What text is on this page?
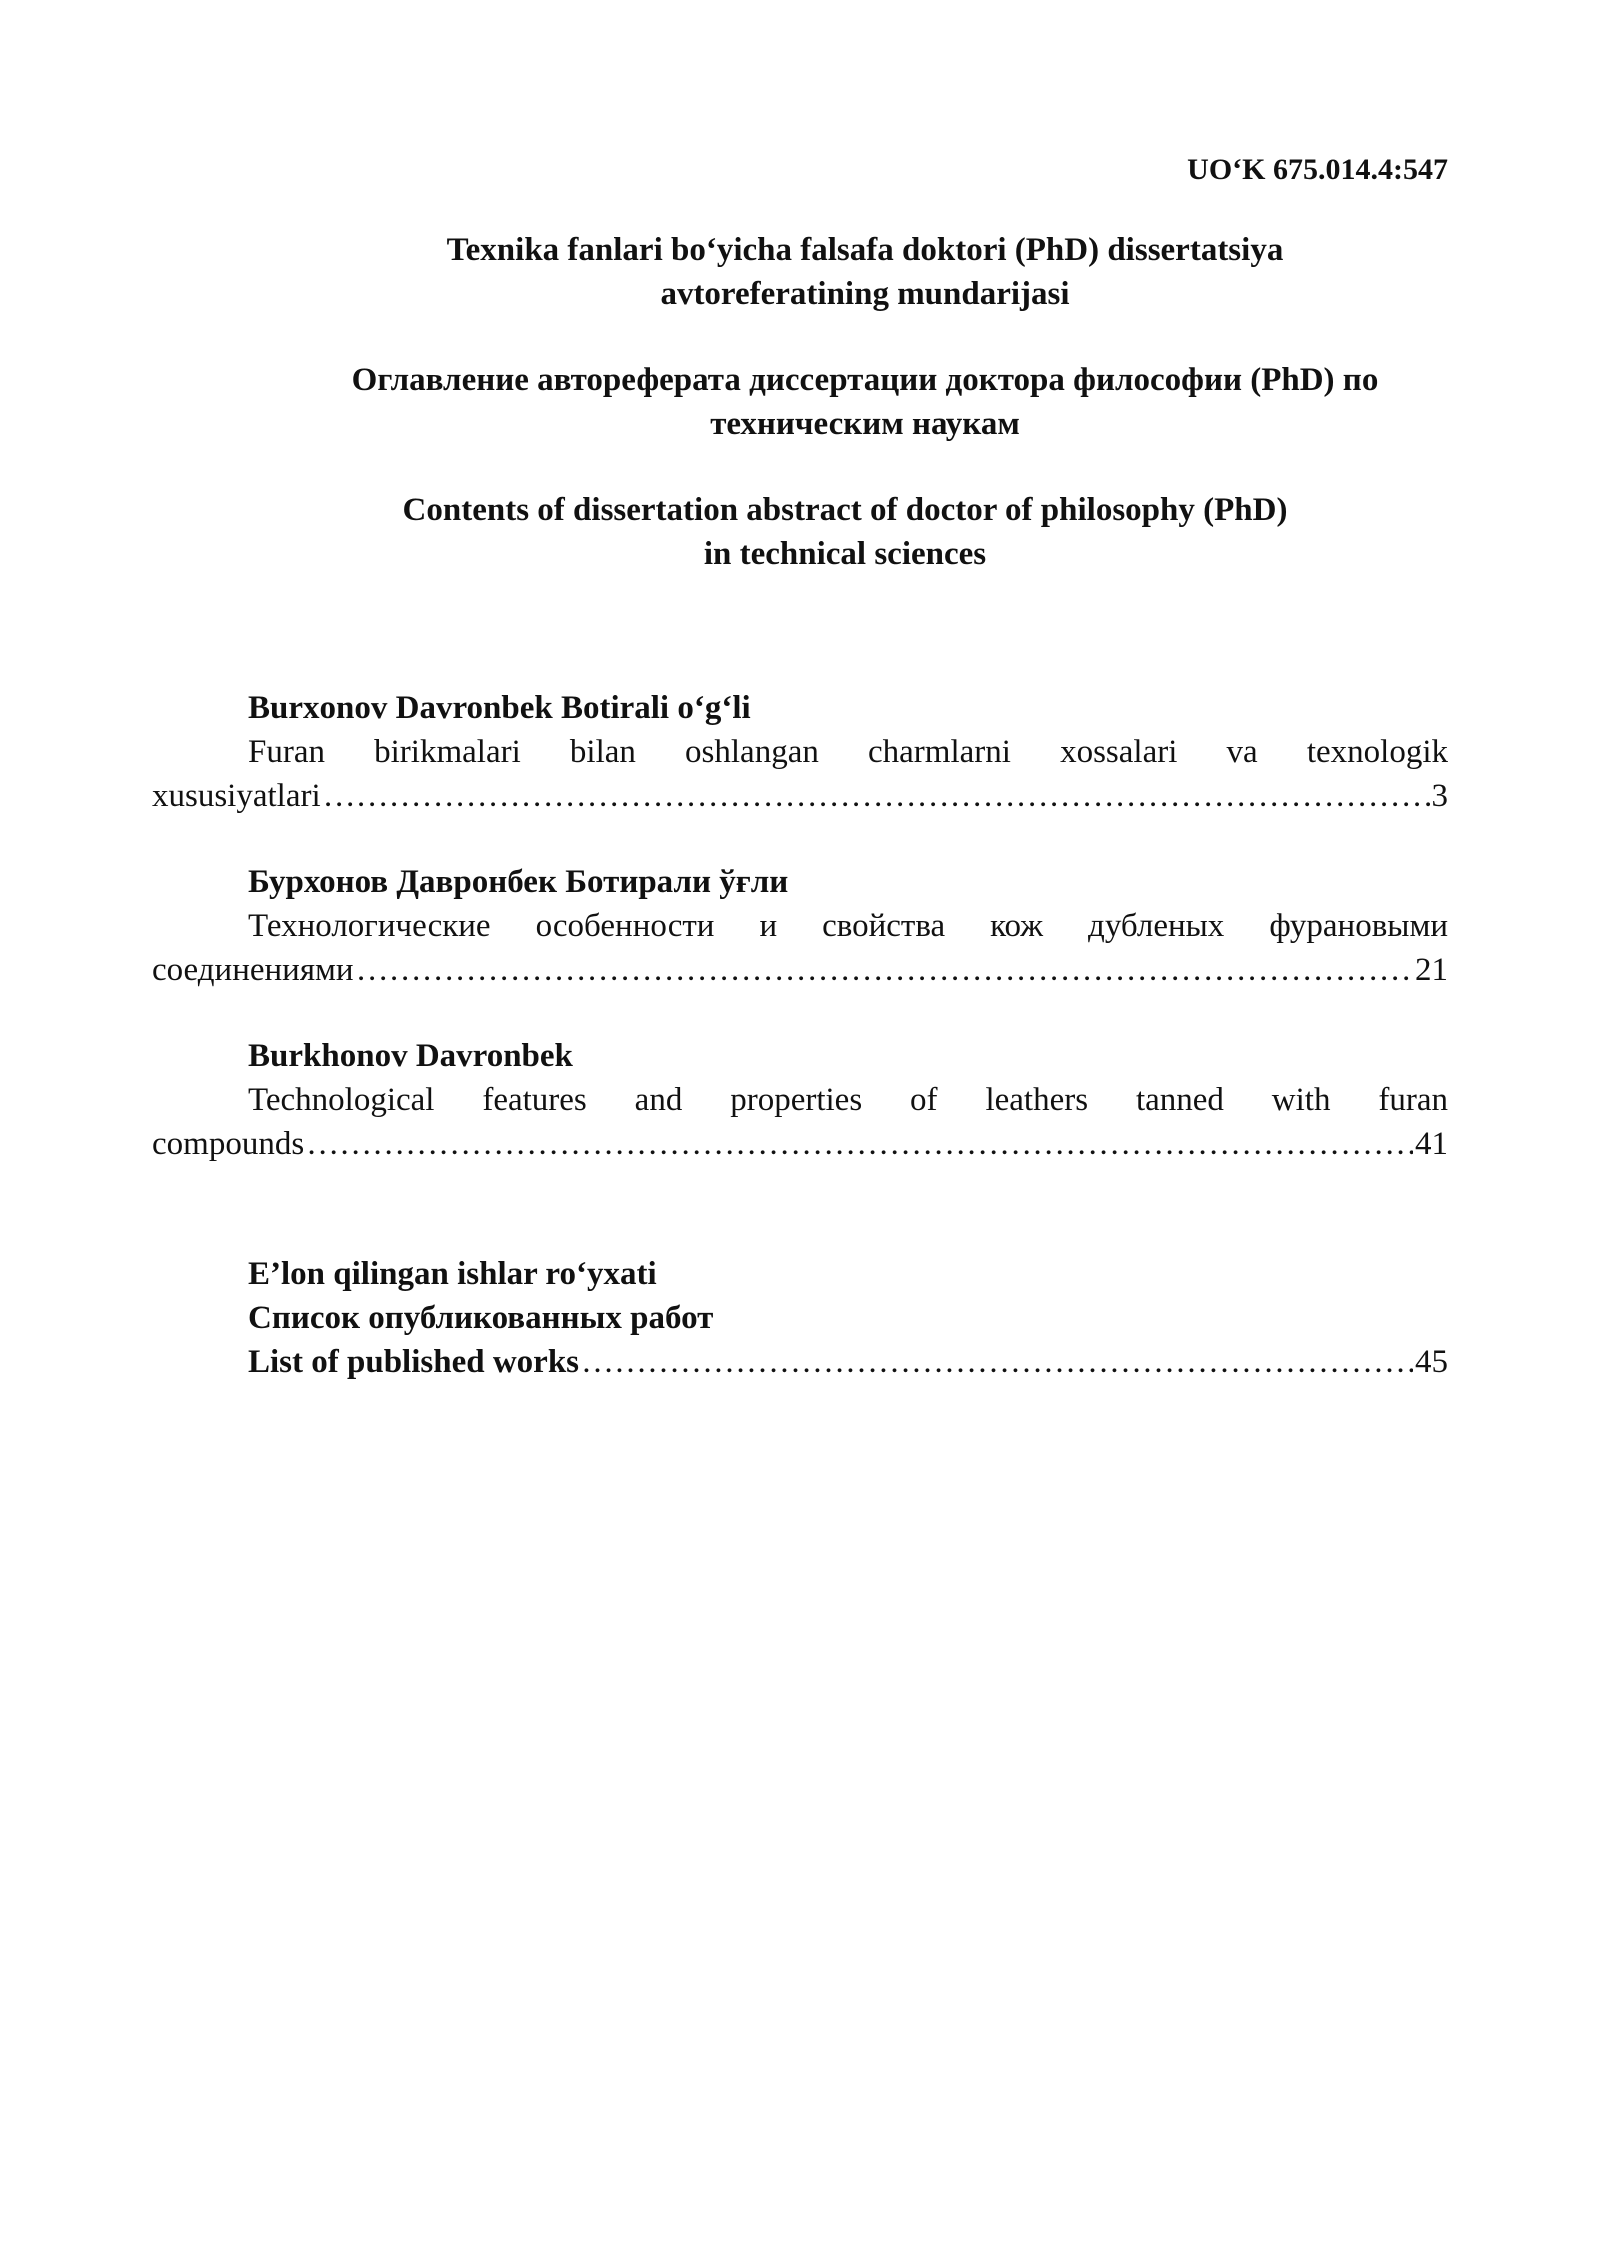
UO‘K 675.014.4:547
Texnika fanlari bo‘yicha falsafa doktori (PhD) dissertatsiya
avtoreferatining mundarijasi
Оглавление автореферата диссертации доктора философии (PhD) по
техническим наукам
Contents of dissertation abstract of doctor of philosophy (PhD)
in technical sciences
Burxonov Davronbek Botirali o‘g‘li
Furan birikmalari bilan oshlangan charmlarni xossalari va texnologik
xususiyatlari ……………………………………………………………………………………………………………………………………………………………………………	3
Бурхонов Давронбек Ботирали ўғли
Технологические особенности и свойства кож дубленых фурановыми
соединениями ……………………………………………………………………………………………………………………………………………………………………………	21
Burkhonov Davronbek
Technological features and properties of leathers tanned with furan
compounds ……………………………………………………………………………………………………………………………………………………………………………	41
E’lon qilingan ishlar ro‘yxati
Список опубликованных работ
List of published works ……………………………………………………………………………………………………………………………………………………………………………	45
